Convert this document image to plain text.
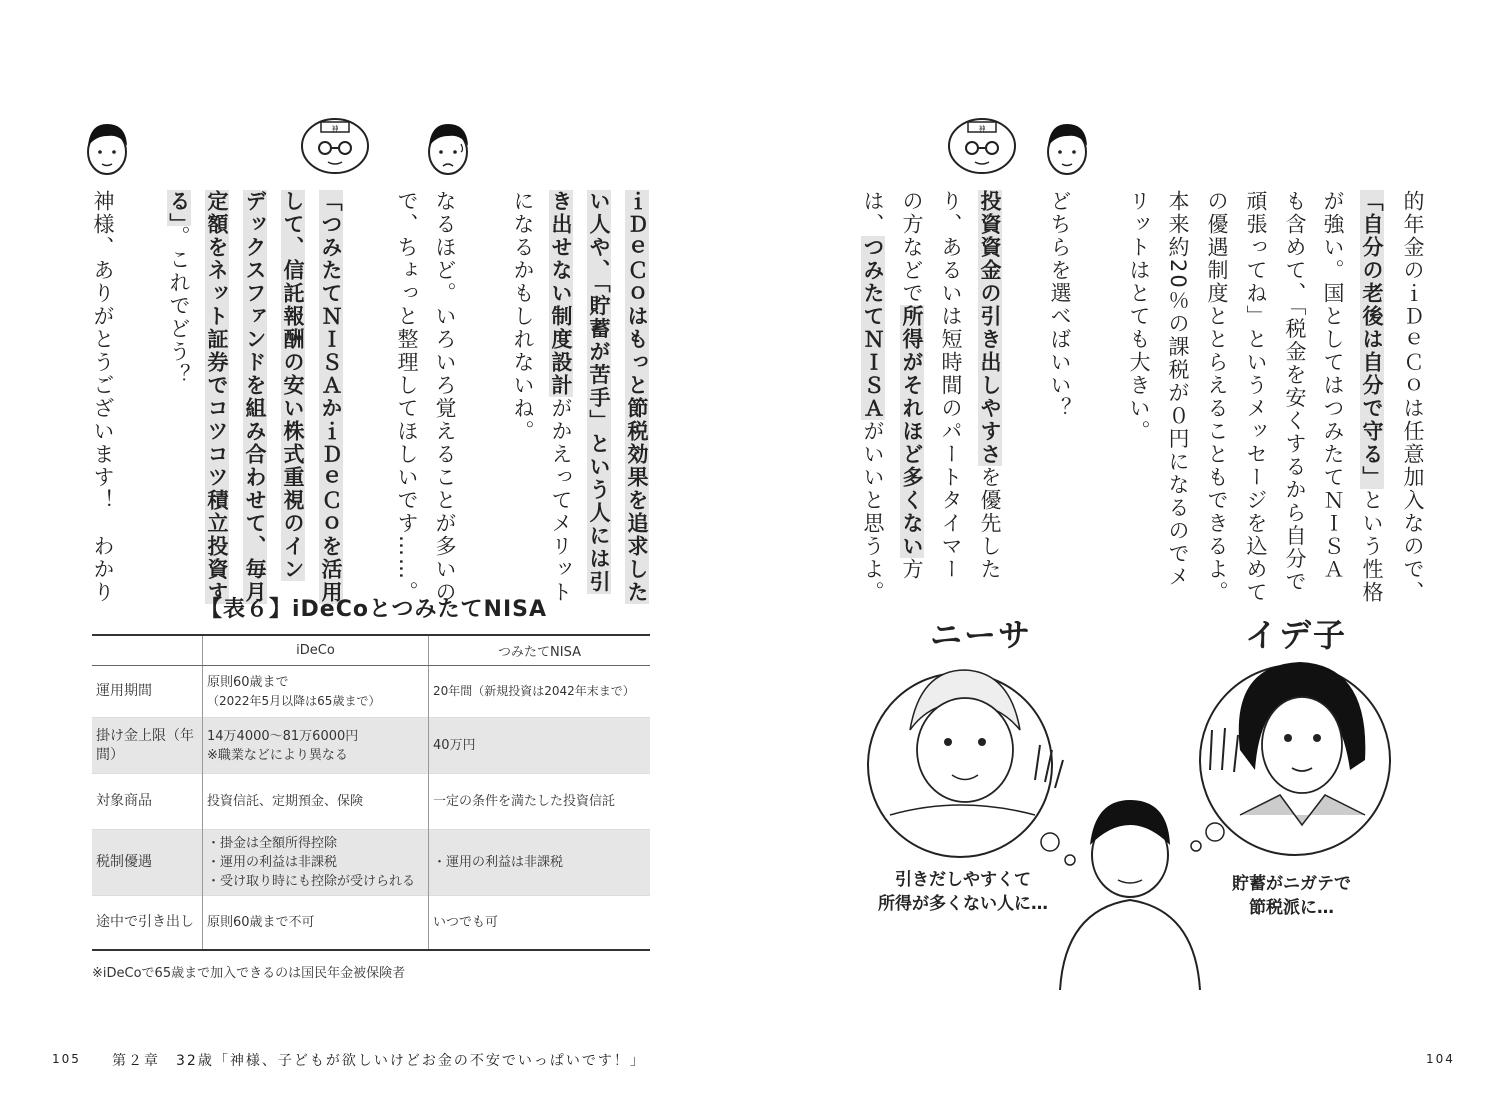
神
的年金のｉＤｅＣｏは任意加入なので、
「自分の老後は自分で守る」という性格
が強い。国としてはつみたてＮＩＳＡ
も含めて、「税金を安くするから自分で
頑張ってね」というメッセージを込めて
の優遇制度ととらえることもできるよ。
本来約20％の課税が０円になるのでメ
リットはとても大きい。
どちらを選べばいい？
投資資金の引き出しやすさを優先した
り、あるいは短時間のパートタイマー
の方などで所得がそれほど多くない方
は、つみたてＮＩＳＡがいいと思うよ。
ニーサ	イデ子
引きだしやすくて
所得が多くない人に…
貯蓄がニガテで
節税派に…
104
神
ｉＤｅＣｏはもっと節税効果を追求した
い人や、「貯蓄が苦手」という人には引
き出せない制度設計がかえってメリット
になるかもしれないね。
なるほど。いろいろ覚えることが多いの
で、ちょっと整理してほしいです……。
「つみたてＮＩＳＡかｉＤｅＣｏを活用
して、信託報酬の安い株式重視のイン
デックスファンドを組み合わせて、毎月
定額をネット証券でコツコツ積立投資す
る」。これでどう？
神様、ありがとうございます！　わかり
【表６】iDeCoとつみたてNISA
	iDeCo	つみたてNISA
運用期間	原則60歳まで
（2022年5月以降は65歳まで）	20年間（新規投資は2042年末まで）

掛け金上限（年間）	14万4000〜81万6000円
※職業などにより異なる	40万円

対象商品	投資信託、定期預金、保険	一定の条件を満たした投資信託

税制優遇	・掛金は全額所得控除
・運用の利益は非課税
・受け取り時にも控除が受けられる	・運用の利益は非課税

途中で引き出し	原則60歳まで不可	いつでも可
※iDeCoで65歳まで加入できるのは国民年金被保険者
105 第２章　32歳「神様、子どもが欲しいけどお金の不安でいっぱいです！」
